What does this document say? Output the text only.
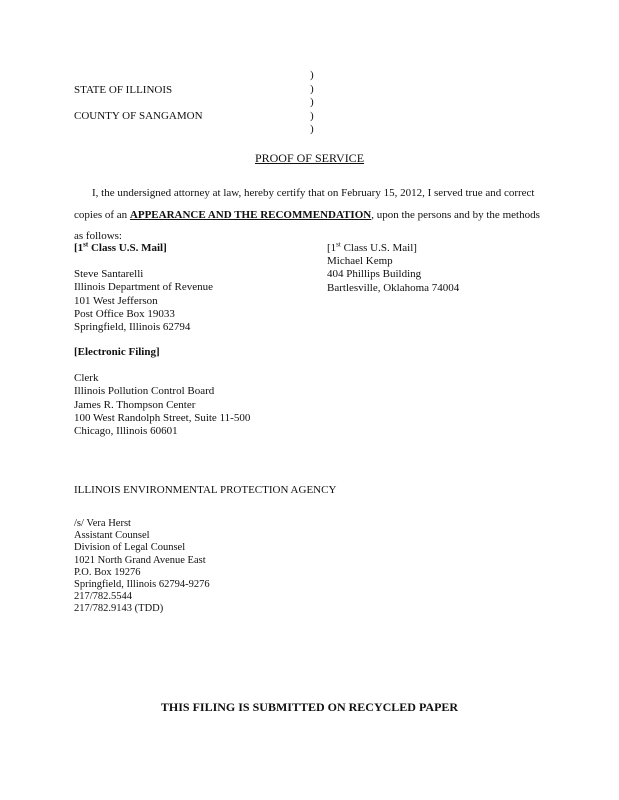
)
)
)
)
)
STATE OF ILLINOIS
COUNTY OF SANGAMON
PROOF OF SERVICE

I, the undersigned attorney at law, hereby certify that on February 15, 2012, I served true and correct

copies of an APPEARANCE AND THE RECOMMENDATION, upon the persons and by the methods

as follows:

[1st Class U.S. Mail]
Steve Santarelli
Illinois Department of Revenue
101 West Jefferson
Post Office Box 19033
Springfield, Illinois 62794
[1st Class U.S. Mail]
Michael Kemp
404 Phillips Building
Bartlesville, Oklahoma 74004
[Electronic Filing]
Clerk
Illinois Pollution Control Board
James R. Thompson Center
100 West Randolph Street, Suite 11-500
Chicago, Illinois 60601
ILLINOIS ENVIRONMENTAL PROTECTION AGENCY
/s/ Vera Herst
Assistant Counsel
Division of Legal Counsel
1021 North Grand Avenue East
P.O. Box 19276
Springfield, Illinois 62794-9276
217/782.5544
217/782.9143 (TDD)
THIS FILING IS SUBMITTED ON RECYCLED PAPER
